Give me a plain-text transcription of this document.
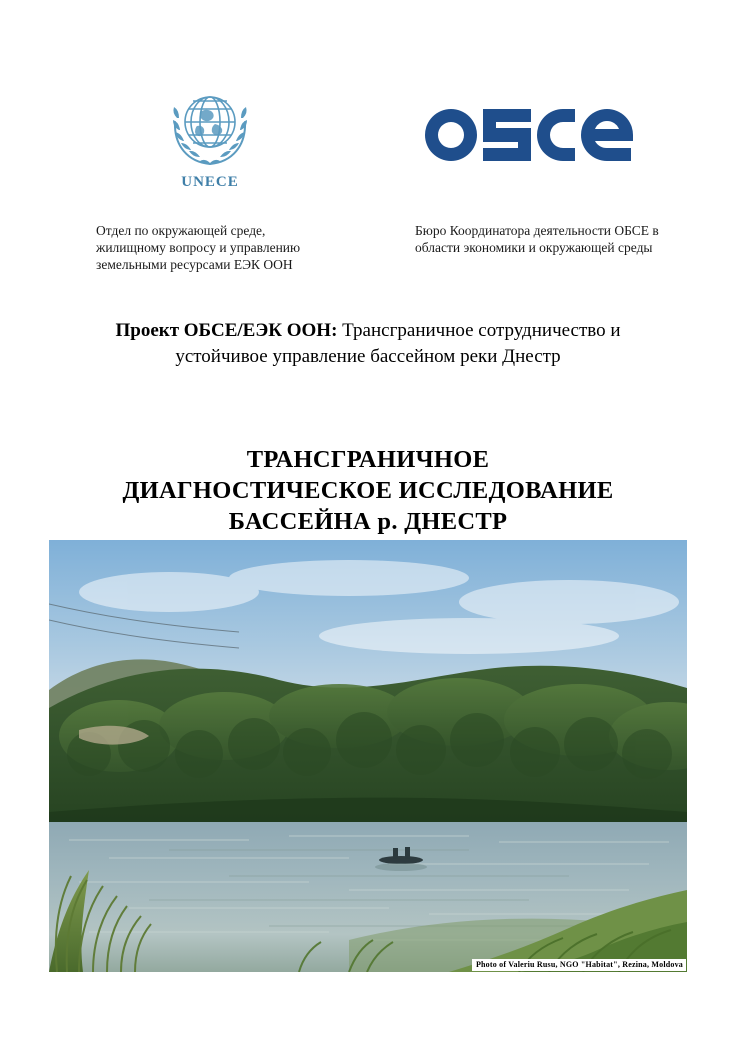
UNECE
Отдел по окружающей среде, жилищному вопросу и управлению земельными ресурсами ЕЭК ООН
Бюро Координатора деятельности ОБСЕ в области экономики и окружающей среды
Проект ОБСЕ/ЕЭК ООН: Трансграничное сотрудничество и устойчивое управление бассейном реки Днестр
ТРАНСГРАНИЧНОЕ
ДИАГНОСТИЧЕСКОЕ ИССЛЕДОВАНИЕ
БАССЕЙНА р. ДНЕСТР
Photo of Valeriu Rusu, NGO "Habitat", Rezina, Moldova
